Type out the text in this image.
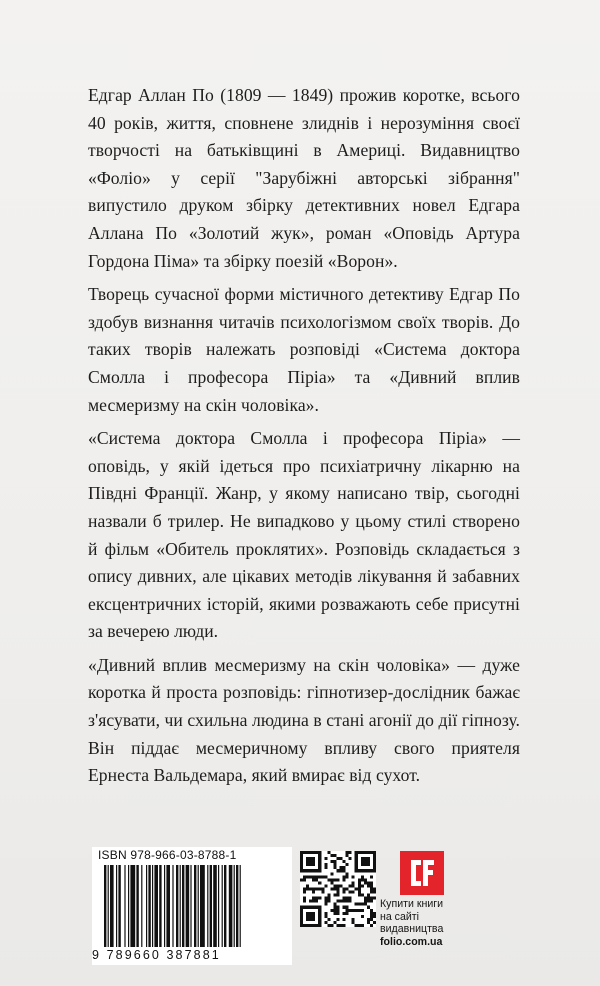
Едгар Аллан По (1809 — 1849) прожив коротке, всього 40 років, життя, сповнене злиднів і нерозуміння своєї творчості на батьківщині в Америці. Видавництво «Фоліо» у серії "Зарубіжні авторські зібрання" випустило друком збірку детективних новел Едгара Аллана По «Золотий жук», роман «Оповідь Артура Гордона Піма» та збірку поезій «Ворон».

Творець сучасної форми містичного детективу Едгар По здобув визнання читачів психологізмом своїх творів. До таких творів належать розповіді «Система доктора Смолла і професора Піріа» та «Дивний вплив месмеризму на скін чоловіка».

«Система доктора Смолла і професора Піріа» — оповідь, у якій ідеться про психіатричну лікарню на Півдні Франції. Жанр, у якому написано твір, сьогодні назвали б трилер. Не випадково у цьому стилі створено й фільм «Обитель проклятих». Розповідь складається з опису дивних, але цікавих методів лікування й забавних ексцентричних історій, якими розважають себе присутні за вечерею люди.

«Дивний вплив месмеризму на скін чоловіка» — дуже коротка й проста розповідь: гіпнотизер-дослідник бажає з'ясувати, чи схильна людина в стані агонії до дії гіпнозу. Він піддає месмеричному впливу свого приятеля Ернеста Вальдемара, який вмирає від сухот.

ISBN 978-966-03-8788-1
9 789660 387881
Купити книги
на сайті
видавництва
folio.com.ua
